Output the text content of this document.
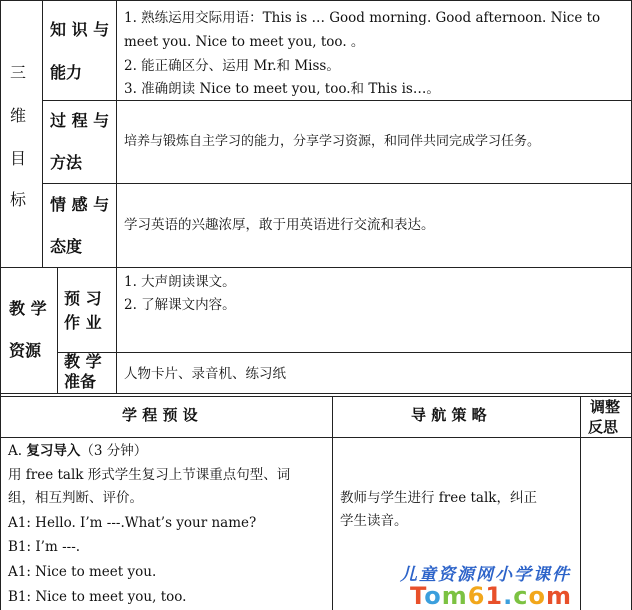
三
维
目
标
知 识 与
能力
1. 熟练运用交际用语：This is … Good morning. Good afternoon. Nice to
meet you. Nice to meet you, too. 。
2. 能正确区分、运用 Mr.和 Miss。
3. 准确朗读 Nice to meet you, too.和 This is…。
过 程 与
方法
培养与锻炼自主学习的能力，分享学习资源，和同伴共同完成学习任务。
情 感 与
态度
学习英语的兴趣浓厚，敢于用英语进行交流和表达。
教 学
资源
预 习
作 业
1. 大声朗读课文。
2. 了解课文内容。
教 学
准备 人物卡片、录音机、练习纸
学 程 预 设	导 航 策 略	调整
反思
A. 复习导入（3 分钟）
用 free talk 形式学生复习上节课重点句型、词
组，相互判断、评价。
A1: Hello. I’m ---.What’s your name?
B1: I’m ---.
A1: Nice to meet you.
B1: Nice to meet you, too.
教师与学生进行 free talk，纠正
学生读音。
儿童资源网小学课件
Tom61.com
